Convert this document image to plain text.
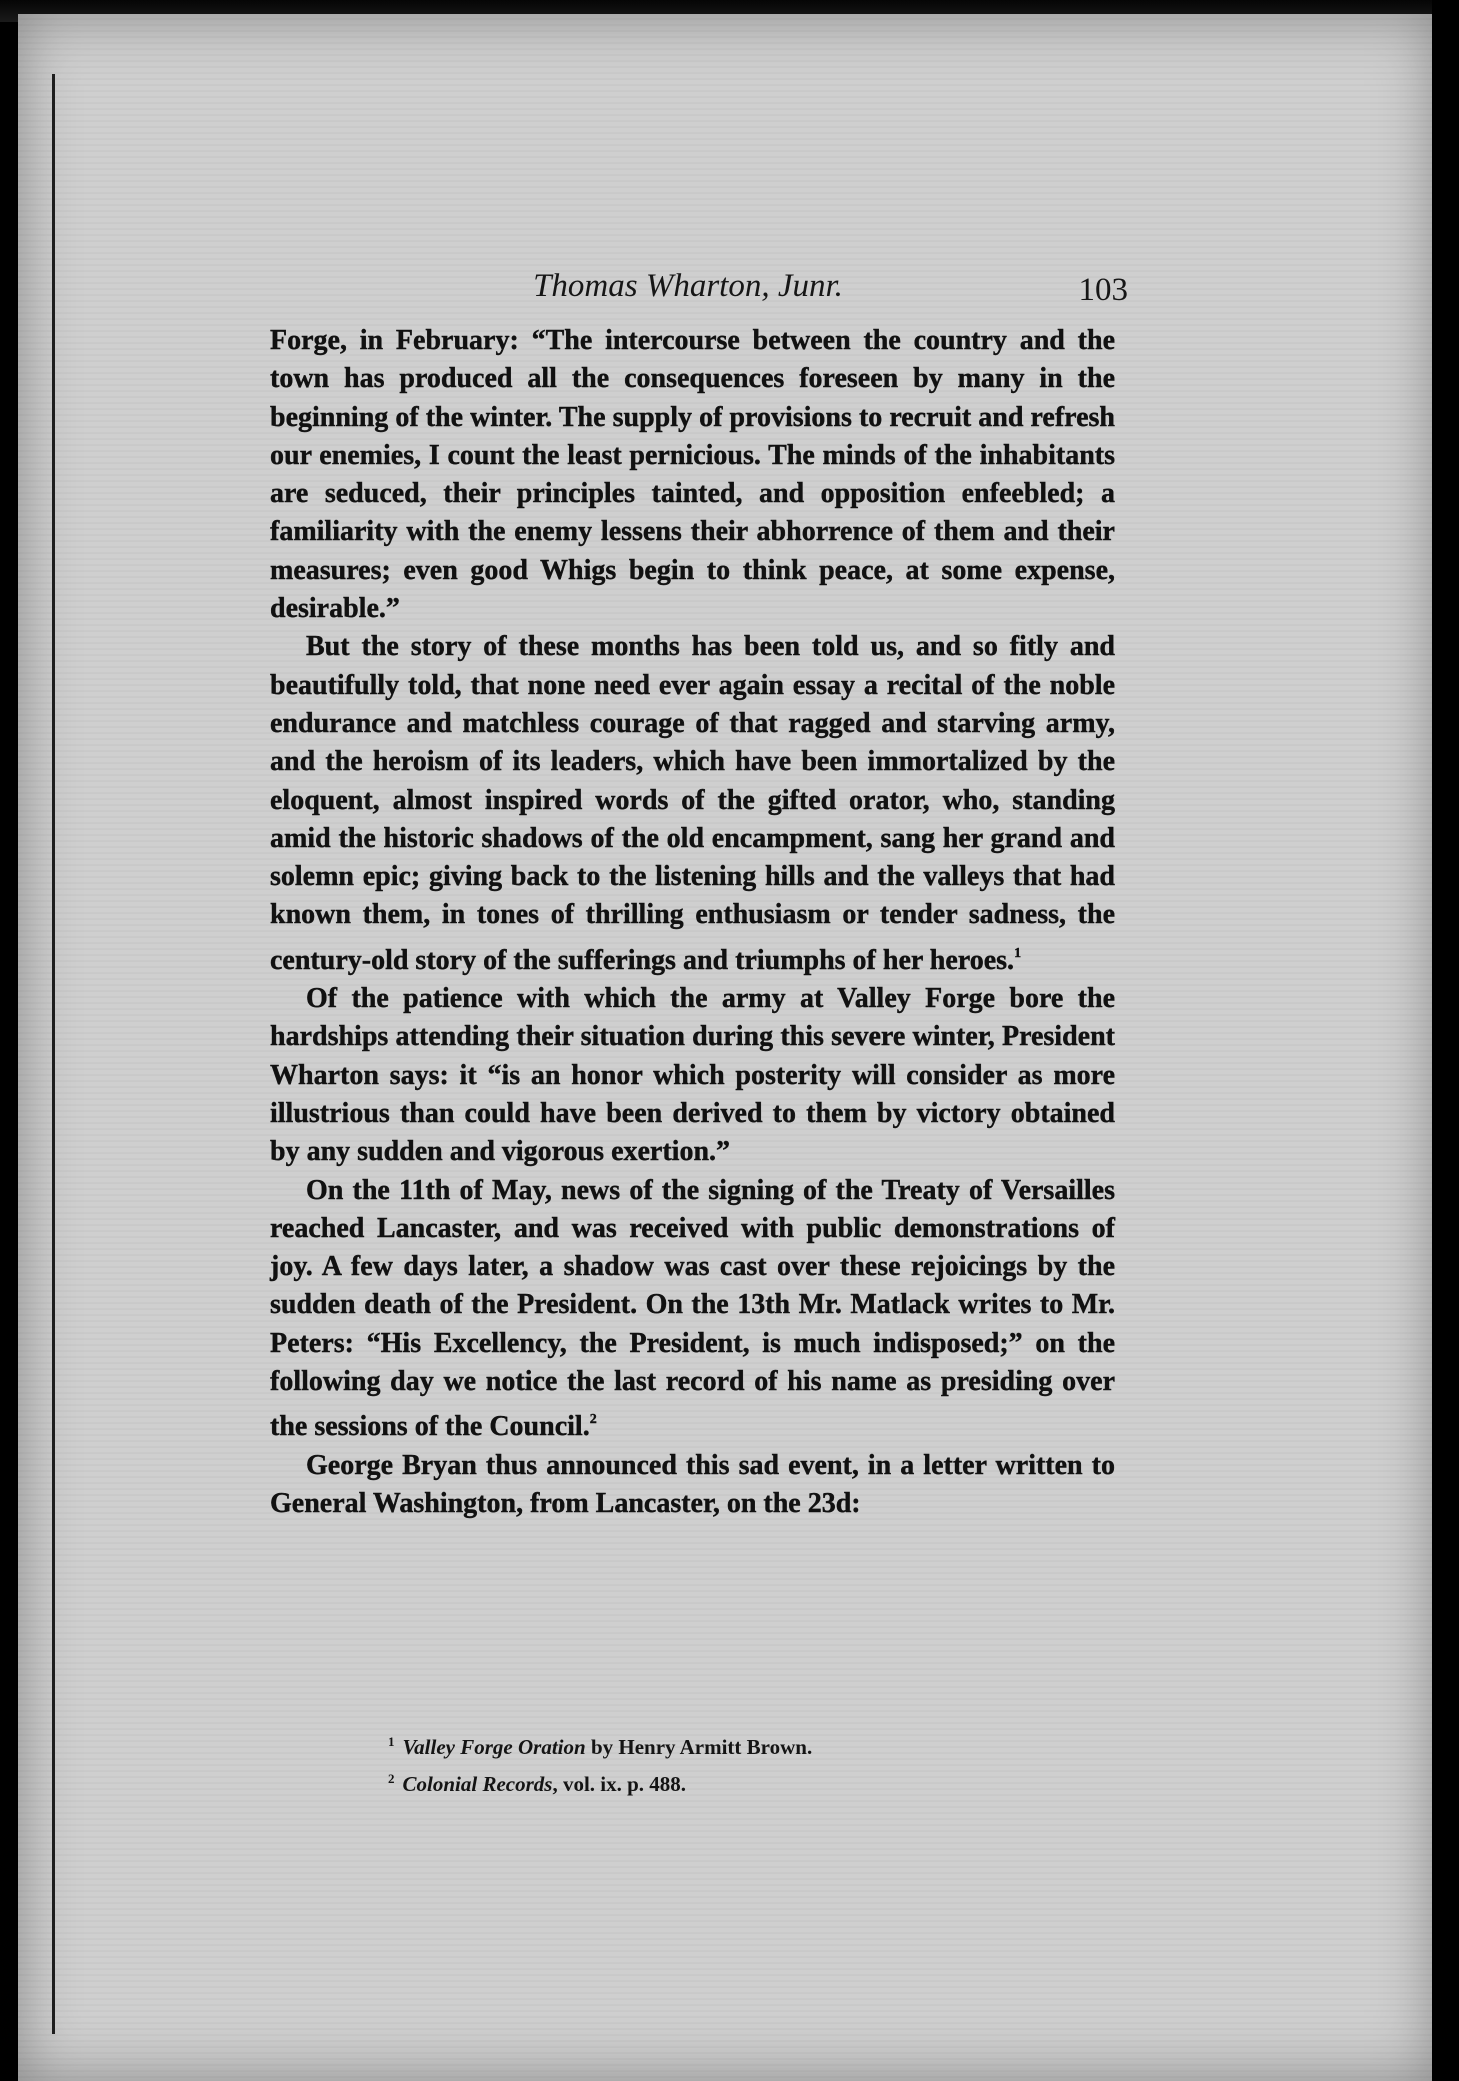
Thomas Wharton, Junr.	103

Forge, in February: “The intercourse between the country and the town has produced all the consequences foreseen by many in the beginning of the winter. The supply of provisions to recruit and refresh our enemies, I count the least pernicious. The minds of the inhabitants are seduced, their principles tainted, and opposition enfeebled; a familiarity with the enemy lessens their abhorrence of them and their measures; even good Whigs begin to think peace, at some expense, desirable.”

But the story of these months has been told us, and so fitly and beautifully told, that none need ever again essay a recital of the noble endurance and matchless courage of that ragged and starving army, and the heroism of its leaders, which have been immortalized by the eloquent, almost inspired words of the gifted orator, who, standing amid the historic shadows of the old encampment, sang her grand and solemn epic; giving back to the listening hills and the valleys that had known them, in tones of thrilling enthusiasm or tender sadness, the century-old story of the sufferings and triumphs of her heroes.$^1$

Of the patience with which the army at Valley Forge bore the hardships attending their situation during this severe winter, President Wharton says: it “is an honor which posterity will consider as more illustrious than could have been derived to them by victory obtained by any sudden and vigorous exertion.”

On the 11th of May, news of the signing of the Treaty of Versailles reached Lancaster, and was received with public demonstrations of joy. A few days later, a shadow was cast over these rejoicings by the sudden death of the President. On the 13th Mr. Matlack writes to Mr. Peters: “His Excellency, the President, is much indisposed;” on the following day we notice the last record of his name as presiding over the sessions of the Council.$^2$

George Bryan thus announced this sad event, in a letter written to General Washington, from Lancaster, on the 23d:

$^1$ Valley Forge Oration by Henry Armitt Brown.
$^2$ Colonial Records, vol. ix. p. 488.
